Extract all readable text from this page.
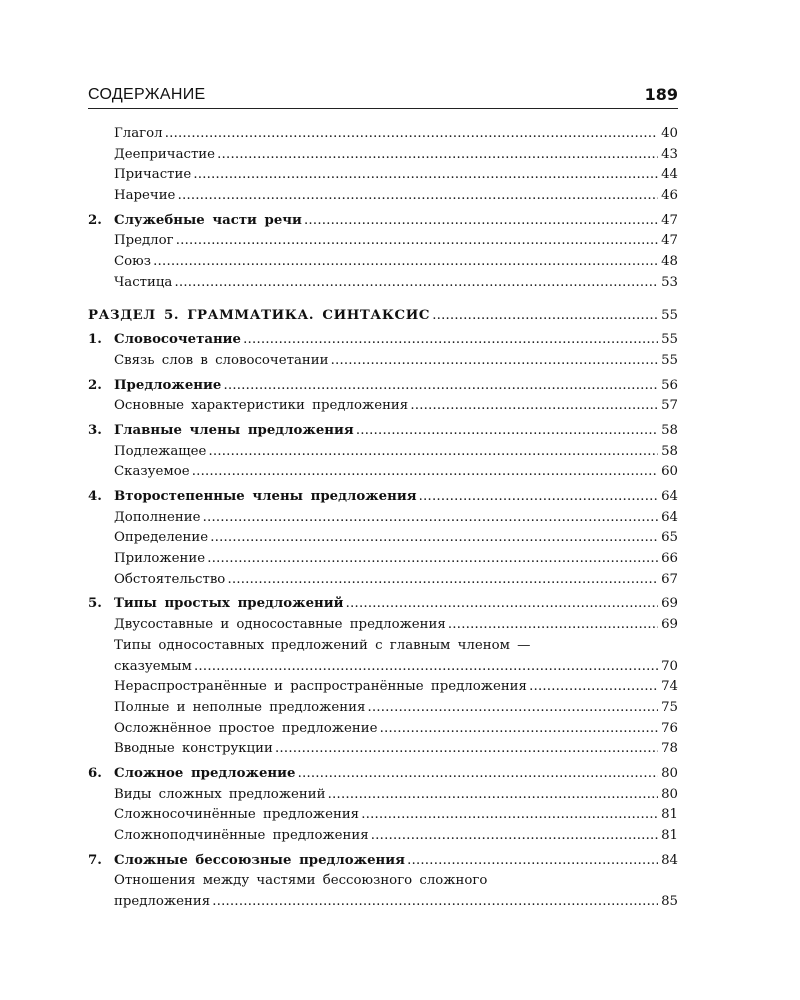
СОДЕРЖАНИЕ	189
Глагол ……………………………………………………………………………………………………………………………………………………………………………………………………………………………	40
Деепричастие ……………………………………………………………………………………………………………………………………………………………………………………………………………………………	43
Причастие ……………………………………………………………………………………………………………………………………………………………………………………………………………………………	44
Наречие ……………………………………………………………………………………………………………………………………………………………………………………………………………………………	46
2. Служебные части речи ……………………………………………………………………………………………………………………………………………………………………………………………………………………………	47
Предлог ……………………………………………………………………………………………………………………………………………………………………………………………………………………………	47
Союз ……………………………………………………………………………………………………………………………………………………………………………………………………………………………	48
Частица ……………………………………………………………………………………………………………………………………………………………………………………………………………………………	53
РАЗДЕЛ 5. ГРАММАТИКА. СИНТАКСИС ……………………………………………………………………………………………………………………………………………………………………………………………………………………………	55
1. Словосочетание ……………………………………………………………………………………………………………………………………………………………………………………………………………………………	55
Связь слов в словосочетании ……………………………………………………………………………………………………………………………………………………………………………………………………………………………	55
2. Предложение ……………………………………………………………………………………………………………………………………………………………………………………………………………………………	56
Основные характеристики предложения ……………………………………………………………………………………………………………………………………………………………………………………………………………………………	57
3. Главные члены предложения ……………………………………………………………………………………………………………………………………………………………………………………………………………………………	58
Подлежащее ……………………………………………………………………………………………………………………………………………………………………………………………………………………………	58
Сказуемое ……………………………………………………………………………………………………………………………………………………………………………………………………………………………	60
4. Второстепенные члены предложения ……………………………………………………………………………………………………………………………………………………………………………………………………………………………	64
Дополнение ……………………………………………………………………………………………………………………………………………………………………………………………………………………………	64
Определение ……………………………………………………………………………………………………………………………………………………………………………………………………………………………	65
Приложение ……………………………………………………………………………………………………………………………………………………………………………………………………………………………	66
Обстоятельство ……………………………………………………………………………………………………………………………………………………………………………………………………………………………	67
5. Типы простых предложений ……………………………………………………………………………………………………………………………………………………………………………………………………………………………	69
Двусоставные и односоставные предложения ……………………………………………………………………………………………………………………………………………………………………………………………………………………………	69
Типы односоставных предложений с главным членом —
сказуемым ……………………………………………………………………………………………………………………………………………………………………………………………………………………………	70
Нераспространённые и распространённые предложения ……………………………………………………………………………………………………………………………………………………………………………………………………………………………	74
Полные и неполные предложения ……………………………………………………………………………………………………………………………………………………………………………………………………………………………	75
Осложнённое простое предложение ……………………………………………………………………………………………………………………………………………………………………………………………………………………………	76
Вводные конструкции ……………………………………………………………………………………………………………………………………………………………………………………………………………………………	78
6. Сложное предложение ……………………………………………………………………………………………………………………………………………………………………………………………………………………………	80
Виды сложных предложений ……………………………………………………………………………………………………………………………………………………………………………………………………………………………	80
Сложносочинённые предложения ……………………………………………………………………………………………………………………………………………………………………………………………………………………………	81
Сложноподчинённые предложения ……………………………………………………………………………………………………………………………………………………………………………………………………………………………	81
7. Сложные бессоюзные предложения ……………………………………………………………………………………………………………………………………………………………………………………………………………………………	84
Отношения между частями бессоюзного сложного
предложения ……………………………………………………………………………………………………………………………………………………………………………………………………………………………	85
